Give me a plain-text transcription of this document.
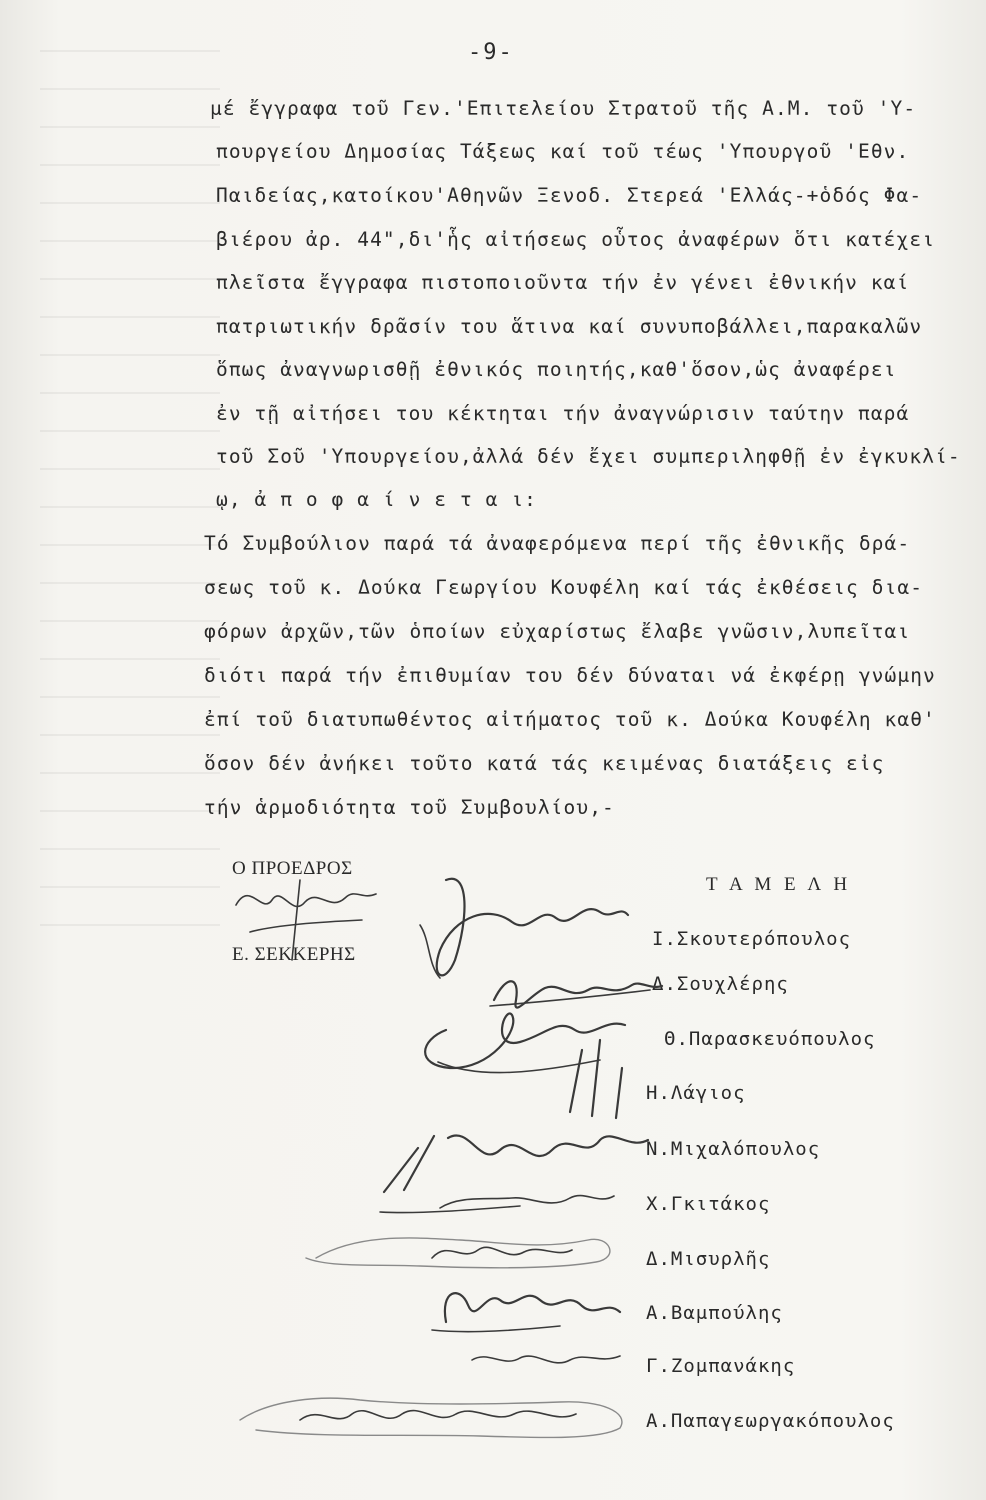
-9-
μέ ἔγγραφα τοῦ Γεν.'Επιτελείου Στρατοῦ τῆς Α.Μ. τοῦ 'Υ-
πουργείου Δημοσίας Τάξεως καί τοῦ τέως 'Υπουργοῦ 'Εθν.
Παιδείας,κατοίκου'Αθηνῶν Ξενοδ. Στερεά 'Ελλάς-+ὁδός Φα-
βιέρου ἀρ. 44",δι'ἧς αἰτήσεως οὗτος ἀναφέρων ὅτι κατέχει
πλεῖστα ἔγγραφα πιστοποιοῦντα τήν ἐν γένει ἐθνικήν καί
πατριωτικήν δρᾶσίν του ἅτινα καί συνυποβάλλει,παρακαλῶν
ὅπως ἀναγνωρισθῇ ἐθνικός ποιητής,καθ'ὅσον,ὡς ἀναφέρει
ἐν τῇ αἰτήσει του κέκτηται τήν ἀναγνώρισιν ταύτην παρά
τοῦ Σοῦ 'Υπουργείου,ἀλλά δέν ἔχει συμπεριληφθῇ ἐν ἐγκυκλί-
ῳ, ἀ π ο φ α ί ν ε τ α ι:
Τό Συμβούλιον παρά τά ἀναφερόμενα περί τῆς ἐθνικῆς δρά-
σεως τοῦ κ. Δούκα Γεωργίου Κουφέλη καί τάς ἐκθέσεις δια-
φόρων ἀρχῶν,τῶν ὁποίων εὐχαρίστως ἔλαβε γνῶσιν,λυπεῖται
διότι παρά τήν ἐπιθυμίαν του δέν δύναται νά ἐκφέρῃ γνώμην
ἐπί τοῦ διατυπωθέντος αἰτήματος τοῦ κ. Δούκα Κουφέλη καθ'
ὅσον δέν ἀνήκει τοῦτο κατά τάς κειμένας διατάξεις εἰς
τήν ἁρμοδιότητα τοῦ Συμβουλίου,-
Ο ΠΡΟΕΔΡΟΣ
Ε. ΣΕΚΚΕΡΗΣ
Τ Α Μ Ε Λ Η
Ι.Σκουτερόπουλος
Δ.Σουχλέρης
Θ.Παρασκευόπουλος
Η.Λάγιος
Ν.Μιχαλόπουλος
Χ.Γκιτάκος
Δ.Μισυρλῆς
Α.Βαμπούλης
Γ.Ζομπανάκης
Α.Παπαγεωργακόπουλος
